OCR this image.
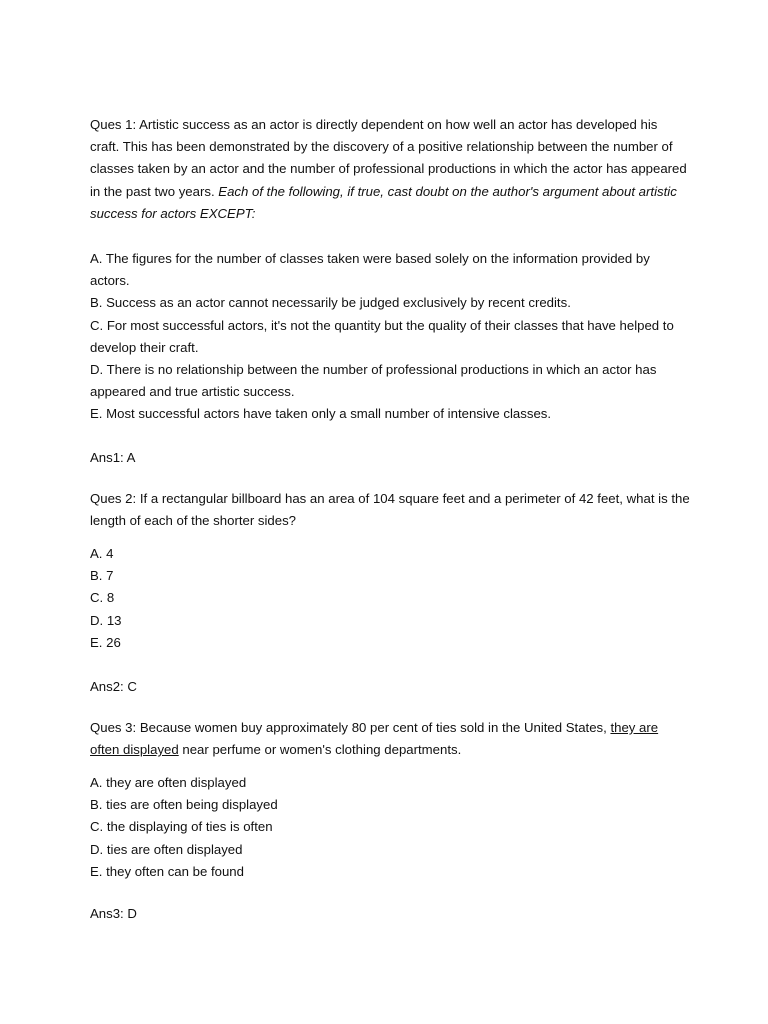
Ques 1: Artistic success as an actor is directly dependent on how well an actor has developed his craft. This has been demonstrated by the discovery of a positive relationship between the number of classes taken by an actor and the number of professional productions in which the actor has appeared in the past two years. Each of the following, if true, cast doubt on the author's argument about artistic success for actors EXCEPT:

A. The figures for the number of classes taken were based solely on the information provided by actors.

B. Success as an actor cannot necessarily be judged exclusively by recent credits.

C. For most successful actors, it's not the quantity but the quality of their classes that have helped to develop their craft.

D. There is no relationship between the number of professional productions in which an actor has appeared and true artistic success.

E. Most successful actors have taken only a small number of intensive classes.

Ans1: A

Ques 2: If a rectangular billboard has an area of 104 square feet and a perimeter of 42 feet, what is the length of each of the shorter sides?

A. 4

B. 7

C. 8

D. 13

E. 26

Ans2: C

Ques 3: Because women buy approximately 80 per cent of ties sold in the United States, they are often displayed near perfume or women's clothing departments.

A. they are often displayed

B. ties are often being displayed

C. the displaying of ties is often

D. ties are often displayed

E. they often can be found

Ans3: D
